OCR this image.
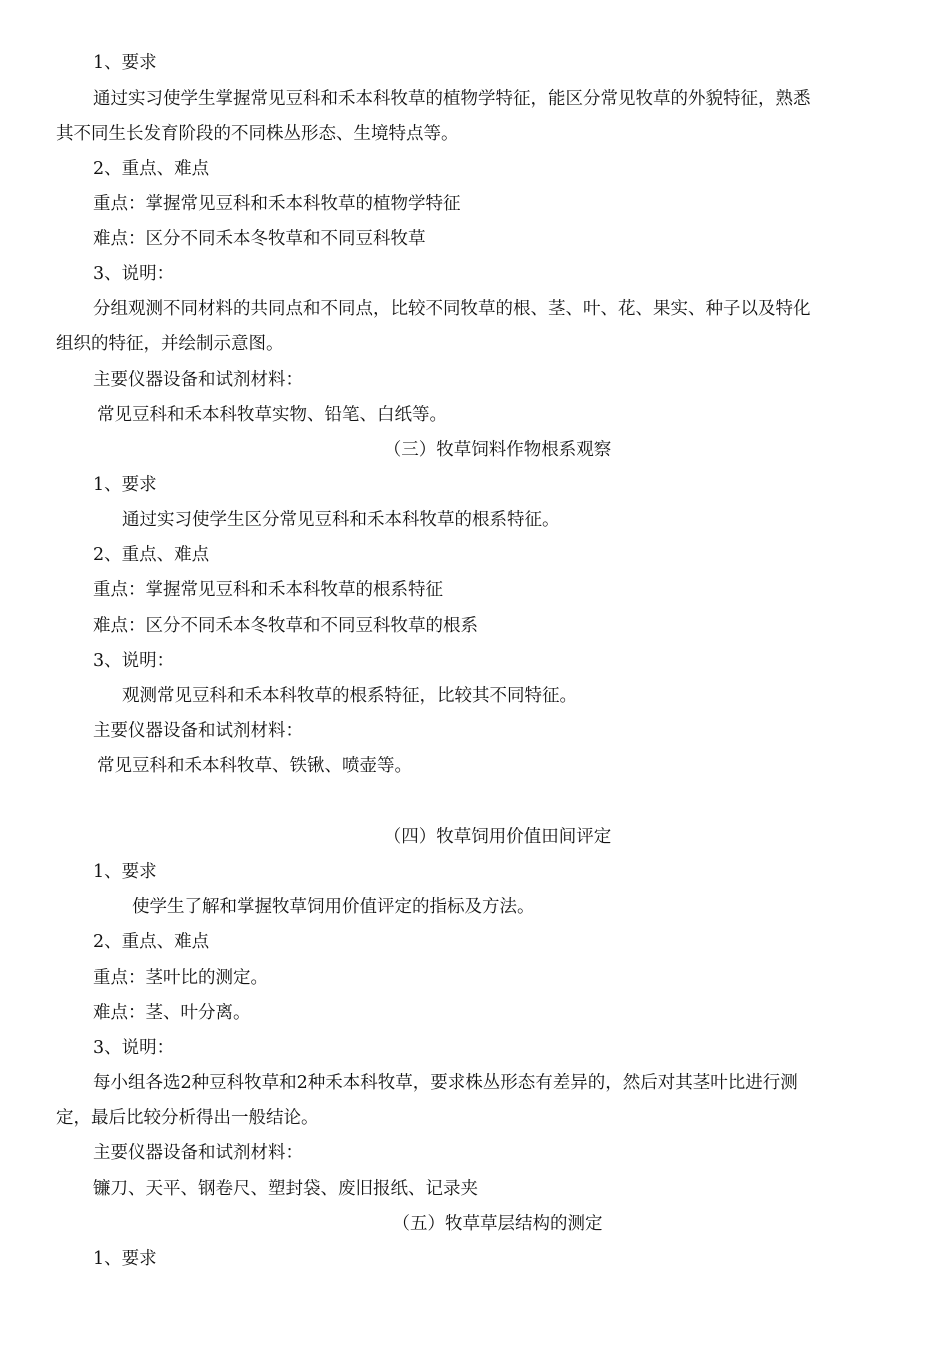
1、要求
通过实习使学生掌握常见豆科和禾本科牧草的植物学特征，能区分常见牧草的外貌特征，熟悉
其不同生长发育阶段的不同株丛形态、生境特点等。
2、重点、难点
重点：掌握常见豆科和禾本科牧草的植物学特征
难点：区分不同禾本冬牧草和不同豆科牧草
3、说明：
分组观测不同材料的共同点和不同点，比较不同牧草的根、茎、叶、花、果实、种子以及特化
组织的特征，并绘制示意图。
主要仪器设备和试剂材料：
常见豆科和禾本科牧草实物、铅笔、白纸等。
（三）牧草饲料作物根系观察
1、要求
通过实习使学生区分常见豆科和禾本科牧草的根系特征。
2、重点、难点
重点：掌握常见豆科和禾本科牧草的根系特征
难点：区分不同禾本冬牧草和不同豆科牧草的根系
3、说明：
观测常见豆科和禾本科牧草的根系特征，比较其不同特征。
主要仪器设备和试剂材料：
常见豆科和禾本科牧草、铁锹、喷壶等。
（四）牧草饲用价值田间评定
1、要求
使学生了解和掌握牧草饲用价值评定的指标及方法。
2、重点、难点
重点：茎叶比的测定。
难点：茎、叶分离。
3、说明：
每小组各选2种豆科牧草和2种禾本科牧草，要求株丛形态有差异的，然后对其茎叶比进行测
定，最后比较分析得出一般结论。
主要仪器设备和试剂材料：
镰刀、天平、钢卷尺、塑封袋、废旧报纸、记录夹
（五）牧草草层结构的测定
1、要求
